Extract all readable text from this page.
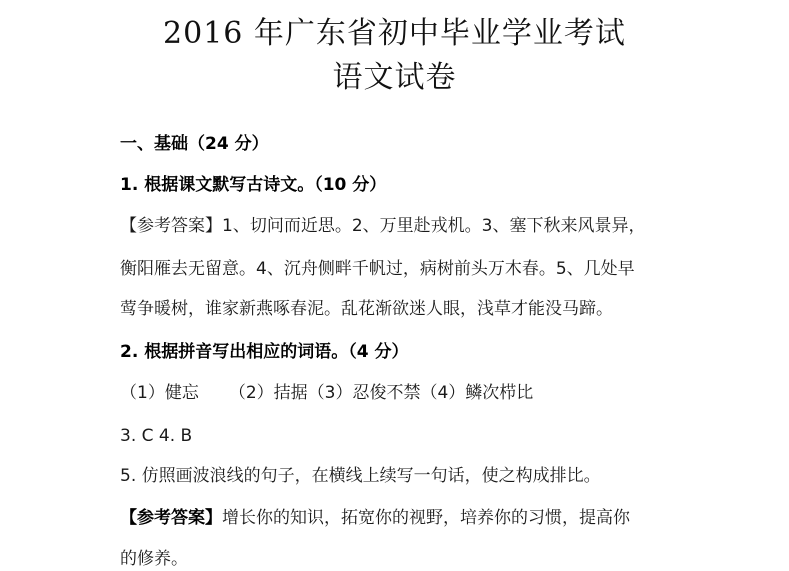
2016 年广东省初中毕业学业考试
语文试卷
一、基础（24 分）
1. 根据课文默写古诗文。（10 分）
【参考答案】1、切问而近思。2、万里赴戎机。3、塞下秋来风景异，
衡阳雁去无留意。4、沉舟侧畔千帆过，病树前头万木春。5、几处早
莺争暖树，谁家新燕啄春泥。乱花渐欲迷人眼，浅草才能没马蹄。
2. 根据拼音写出相应的词语。（4 分）
（1）健忘 （2）拮据（3）忍俊不禁（4）鳞次栉比
3. C 4. B
5. 仿照画波浪线的句子，在横线上续写一句话，使之构成排比。
【参考答案】增长你的知识，拓宽你的视野，培养你的习惯，提高你
的修养。
